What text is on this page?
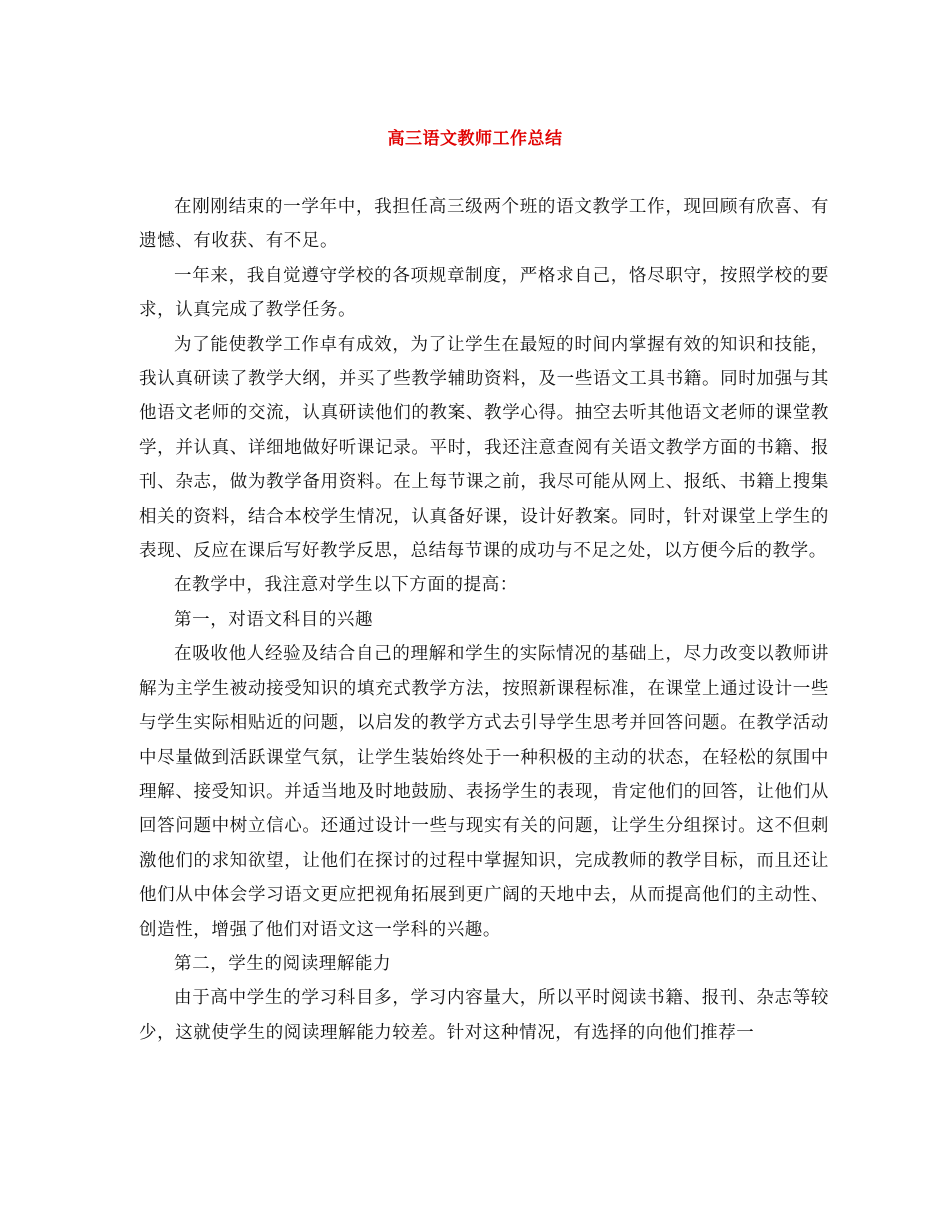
高三语文教师工作总结

在刚刚结束的一学年中，我担任高三级两个班的语文教学工作，现回顾有欣喜、有遗憾、有收获、有不足。

一年来，我自觉遵守学校的各项规章制度，严格求自己，恪尽职守，按照学校的要求，认真完成了教学任务。

为了能使教学工作卓有成效，为了让学生在最短的时间内掌握有效的知识和技能，我认真研读了教学大纲，并买了些教学辅助资料，及一些语文工具书籍。同时加强与其他语文老师的交流，认真研读他们的教案、教学心得。抽空去听其他语文老师的课堂教学，并认真、详细地做好听课记录。平时，我还注意查阅有关语文教学方面的书籍、报刊、杂志，做为教学备用资料。在上每节课之前，我尽可能从网上、报纸、书籍上搜集相关的资料，结合本校学生情况，认真备好课，设计好教案。同时，针对课堂上学生的表现、反应在课后写好教学反思，总结每节课的成功与不足之处，以方便今后的教学。

在教学中，我注意对学生以下方面的提高：

第一，对语文科目的兴趣

在吸收他人经验及结合自己的理解和学生的实际情况的基础上，尽力改变以教师讲解为主学生被动接受知识的填充式教学方法，按照新课程标准，在课堂上通过设计一些与学生实际相贴近的问题，以启发的教学方式去引导学生思考并回答问题。在教学活动中尽量做到活跃课堂气氛，让学生装始终处于一种积极的主动的状态，在轻松的氛围中理解、接受知识。并适当地及时地鼓励、表扬学生的表现，肯定他们的回答，让他们从回答问题中树立信心。还通过设计一些与现实有关的问题，让学生分组探讨。这不但刺激他们的求知欲望，让他们在探讨的过程中掌握知识，完成教师的教学目标，而且还让他们从中体会学习语文更应把视角拓展到更广阔的天地中去，从而提高他们的主动性、创造性，增强了他们对语文这一学科的兴趣。

第二，学生的阅读理解能力

由于高中学生的学习科目多，学习内容量大，所以平时阅读书籍、报刊、杂志等较少，这就使学生的阅读理解能力较差。针对这种情况，有选择的向他们推荐一
